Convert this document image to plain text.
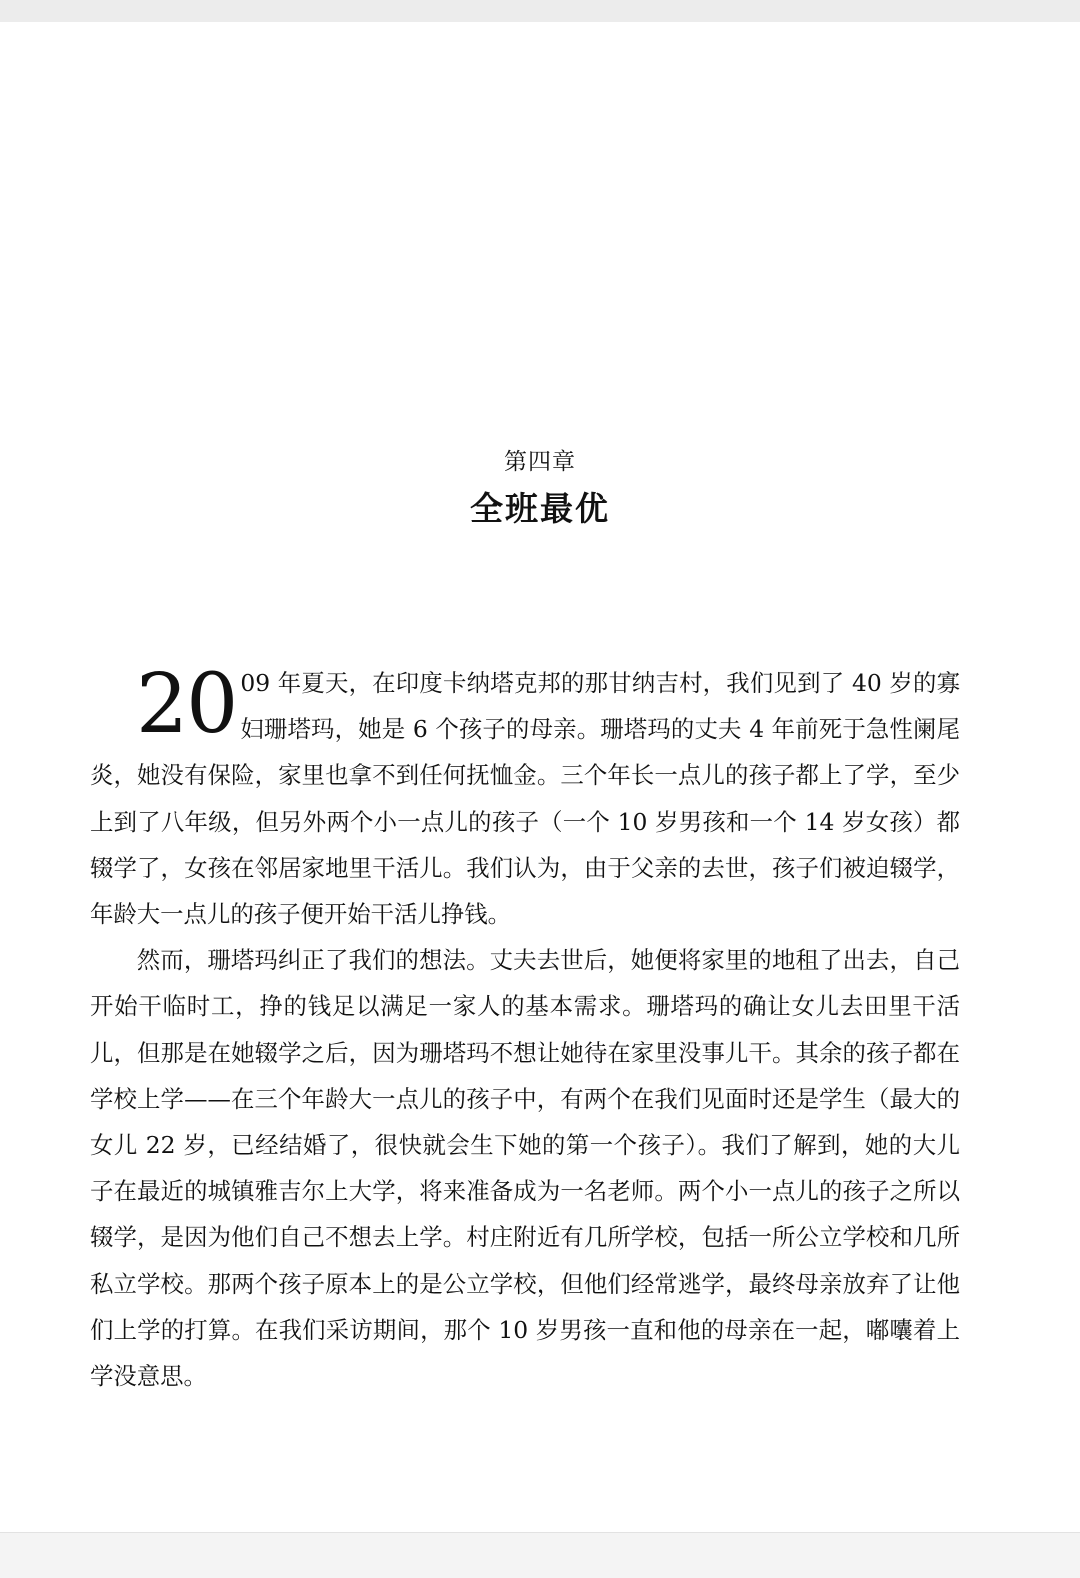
第四章
全班最优

20 09 年夏天，在印度卡纳塔克邦的那甘纳吉村，我们见到了 40 岁的寡妇珊塔玛，她是 6 个孩子的母亲。珊塔玛的丈夫 4 年前死于急性阑尾炎，她没有保险，家里也拿不到任何抚恤金。三个年长一点儿的孩子都上了学，至少上到了八年级，但另外两个小一点儿的孩子（一个 10 岁男孩和一个 14 岁女孩）都辍学了，女孩在邻居家地里干活儿。我们认为，由于父亲的去世，孩子们被迫辍学，年龄大一点儿的孩子便开始干活儿挣钱。

然而，珊塔玛纠正了我们的想法。丈夫去世后，她便将家里的地租了出去，自己开始干临时工，挣的钱足以满足一家人的基本需求。珊塔玛的确让女儿去田里干活儿，但那是在她辍学之后，因为珊塔玛不想让她待在家里没事儿干。其余的孩子都在学校上学——在三个年龄大一点儿的孩子中，有两个在我们见面时还是学生（最大的女儿 22 岁，已经结婚了，很快就会生下她的第一个孩子）。我们了解到，她的大儿子在最近的城镇雅吉尔上大学，将来准备成为一名老师。两个小一点儿的孩子之所以辍学，是因为他们自己不想去上学。村庄附近有几所学校，包括一所公立学校和几所私立学校。那两个孩子原本上的是公立学校，但他们经常逃学，最终母亲放弃了让他们上学的打算。在我们采访期间，那个 10 岁男孩一直和他的母亲在一起，嘟囔着上学没意思。
